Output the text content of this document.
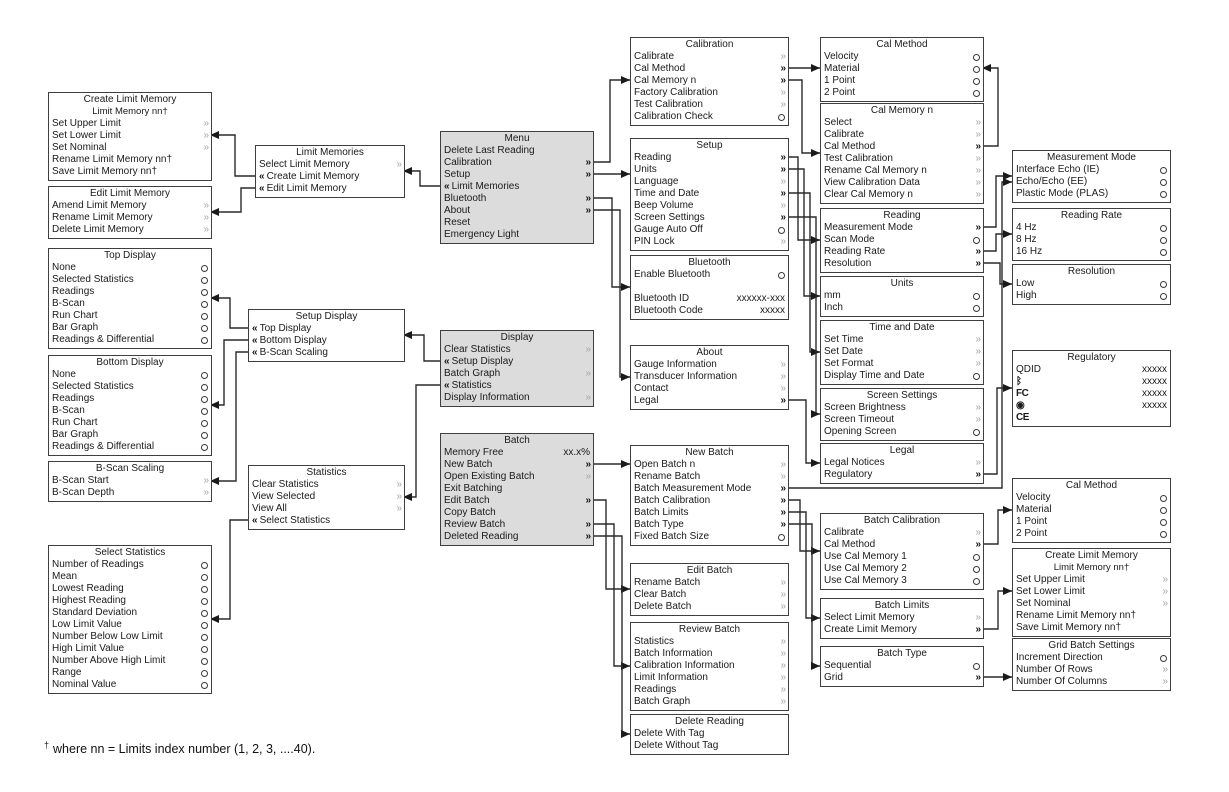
Create Limit Memory
Limit Memory nn†
Set Upper Limit	»
Set Lower Limit	»
Set Nominal	»
Rename Limit Memory nn†
Save Limit Memory nn†
Edit Limit Memory
Amend Limit Memory	»
Rename Limit Memory	»
Delete Limit Memory	»
Top Display
None
Selected Statistics
Readings
B-Scan
Run Chart
Bar Graph
Readings & Differential
Bottom Display
None
Selected Statistics
Readings
B-Scan
Run Chart
Bar Graph
Readings & Differential
B-Scan Scaling
B-Scan Start	»
B-Scan Depth	»
Select Statistics
Number of Readings
Mean
Lowest Reading
Highest Reading
Standard Deviation
Low Limit Value
Number Below Low Limit
High Limit Value
Number Above High Limit
Range
Nominal Value
Limit Memories
Select Limit Memory	»
« Create Limit Memory
« Edit Limit Memory
Setup Display
« Top Display
« Bottom Display
« B-Scan Scaling
Statistics
Clear Statistics	»
View Selected	»
View All	»
« Select Statistics
Menu
Delete Last Reading
Calibration	»
Setup	»
« Limit Memories
Bluetooth	»
About	»
Reset
Emergency Light
Display
Clear Statistics	»
« Setup Display
Batch Graph	»
« Statistics
Display Information	»
Batch
Memory Free	xx.x%
New Batch	»
Open Existing Batch	»
Exit Batching
Edit Batch	»
Copy Batch
Review Batch	»
Deleted Reading	»
Calibration
Calibrate	»
Cal Method	»
Cal Memory n	»
Factory Calibration	»
Test Calibration	»
Calibration Check
Setup
Reading	»
Units	»
Language	»
Time and Date	»
Beep Volume	»
Screen Settings	»
Gauge Auto Off
PIN Lock	»
Bluetooth
Enable Bluetooth

Bluetooth ID	xxxxxx-xxx
Bluetooth Code	xxxxx
About
Gauge Information	»
Transducer Information	»
Contact	»
Legal	»
New Batch
Open Batch n	»
Rename Batch	»
Batch Measurement Mode	»
Batch Calibration	»
Batch Limits	»
Batch Type	»
Fixed Batch Size
Edit Batch
Rename Batch	»
Clear Batch	»
Delete Batch	»
Review Batch
Statistics	»
Batch Information	»
Calibration Information	»
Limit Information	»
Readings	»
Batch Graph	»
Delete Reading
Delete With Tag
Delete Without Tag
Cal Method
Velocity
Material
1 Point
2 Point
Cal Memory n
Select	»
Calibrate	»
Cal Method	»
Test Calibration	»
Rename Cal Memory n	»
View Calibration Data	»
Clear Cal Memory n	»
Reading
Measurement Mode	»
Scan Mode
Reading Rate	»
Resolution	»
Units
mm
Inch
Time and Date
Set Time	»
Set Date	»
Set Format	»
Display Time and Date
Screen Settings
Screen Brightness	»
Screen Timeout	»
Opening Screen
Legal
Legal Notices	»
Regulatory	»
Batch Calibration
Calibrate	»
Cal Method	»
Use Cal Memory 1
Use Cal Memory 2
Use Cal Memory 3
Batch Limits
Select Limit Memory	»
Create Limit Memory	»
Batch Type
Sequential
Grid	»
Measurement Mode
Interface Echo (IE)
Echo/Echo (EE)
Plastic Mode (PLAS)
Reading Rate
4 Hz
8 Hz
16 Hz
Resolution
Low
High
Regulatory
QDID	xxxxx
ᛒ	xxxxx
FC	xxxxx
◉	xxxxx
CE
Cal Method
Velocity
Material
1 Point
2 Point
Create Limit Memory
Limit Memory nn†
Set Upper Limit	»
Set Lower Limit	»
Set Nominal	»
Rename Limit Memory nn†
Save Limit Memory nn†
Grid Batch Settings
Increment Direction
Number Of Rows	»
Number Of Columns	»
† where nn = Limits index number (1, 2, 3, ....40).
